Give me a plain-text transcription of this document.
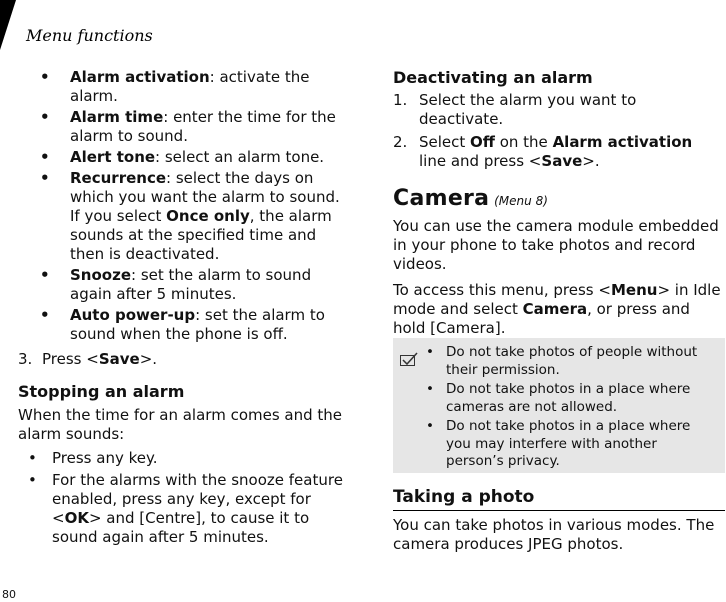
Menu functions
• Alarm activation: activate the alarm.
• Alarm time: enter the time for the alarm to sound.
• Alert tone: select an alarm tone.
• Recurrence: select the days on which you want the alarm to sound. If you select Once only, the alarm sounds at the specified time and then is deactivated.
• Snooze: set the alarm to sound again after 5 minutes.
• Auto power-up: set the alarm to sound when the phone is off.
3. Press <Save>.
Stopping an alarm

When the time for an alarm comes and the alarm sounds:

• Press any key.
• For the alarms with the snooze feature enabled, press any key, except for <OK> and [Centre], to cause it to sound again after 5 minutes.
Deactivating an alarm
1. Select the alarm you want to deactivate.
2. Select Off on the Alarm activation line and press <Save>.
Camera (Menu 8)

You can use the camera module embedded in your phone to take photos and record videos.

To access this menu, press <Menu> in Idle mode and select Camera, or press and hold [Camera].

• Do not take photos of people without their permission.
• Do not take photos in a place where cameras are not allowed.
• Do not take photos in a place where you may interfere with another person’s privacy.
Taking a photo
You can take photos in various modes. The camera produces JPEG photos.
80
